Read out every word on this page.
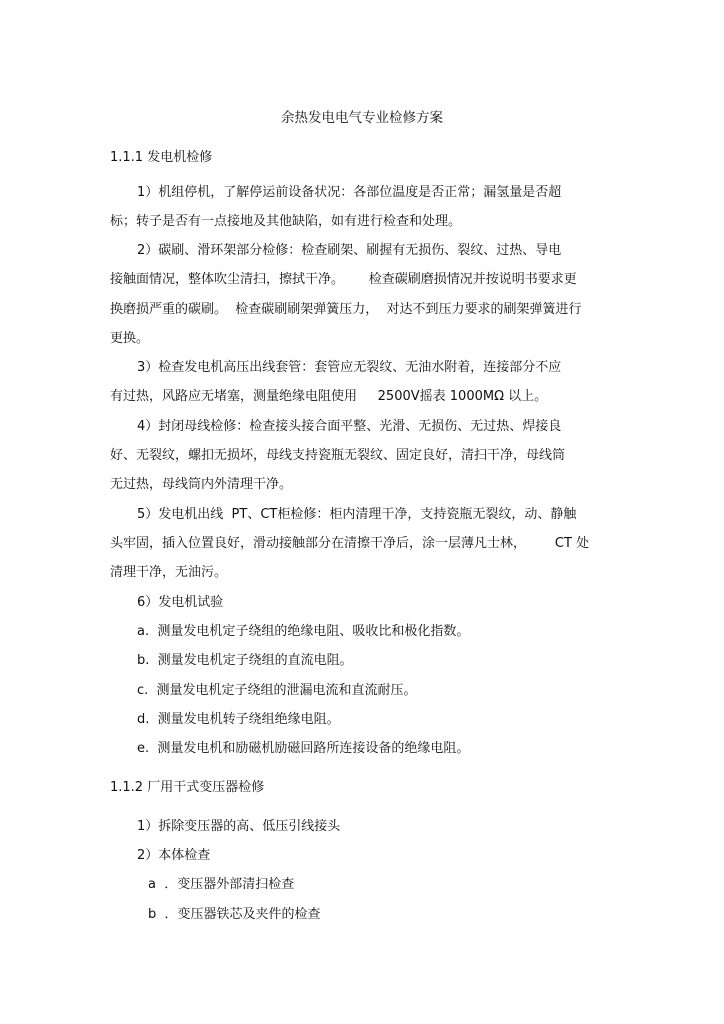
余热发电电气专业检修方案
1.1.1 发电机检修
1）机组停机，了解停运前设备状况：各部位温度是否正常；漏氢量是否超
标；转子是否有一点接地及其他缺陷，如有进行检查和处理。
2）碳刷、滑环架部分检修：检查刷架、刷握有无损伤、裂纹、过热、导电
接触面情况，整体吹尘清扫，擦拭干净。      检查碳刷磨损情况并按说明书要求更
换磨损严重的碳刷。  检查碳刷刷架弹簧压力，  对达不到压力要求的刷架弹簧进行
更换。
3）检查发电机高压出线套管：套管应无裂纹、无油水附着，连接部分不应
有过热，风路应无堵塞，测量绝缘电阻使用     2500V摇表 1000MΩ 以上。
4）封闭母线检修：检查接头接合面平整、光滑、无损伤、无过热、焊接良
好、无裂纹，螺扣无损坏，母线支持瓷瓶无裂纹、固定良好，清扫干净，母线筒
无过热，母线筒内外清理干净。
5）发电机出线  PT、CT柜检修：柜内清理干净，支持瓷瓶无裂纹，动、静触
头牢固，插入位置良好，滑动接触部分在清擦干净后，涂一层薄凡士林，       CT 处
清理干净，无油污。
6）发电机试验
a.  测量发电机定子绕组的绝缘电阻、吸收比和极化指数。
b.  测量发电机定子绕组的直流电阻。
c.  测量发电机定子绕组的泄漏电流和直流耐压。
d.  测量发电机转子绕组绝缘电阻。
e.  测量发电机和励磁机励磁回路所连接设备的绝缘电阻。
1.1.2 厂用干式变压器检修
1）拆除变压器的高、低压引线接头
2）本体检查
a  ．变压器外部清扫检查
b  ．变压器铁芯及夹件的检查
